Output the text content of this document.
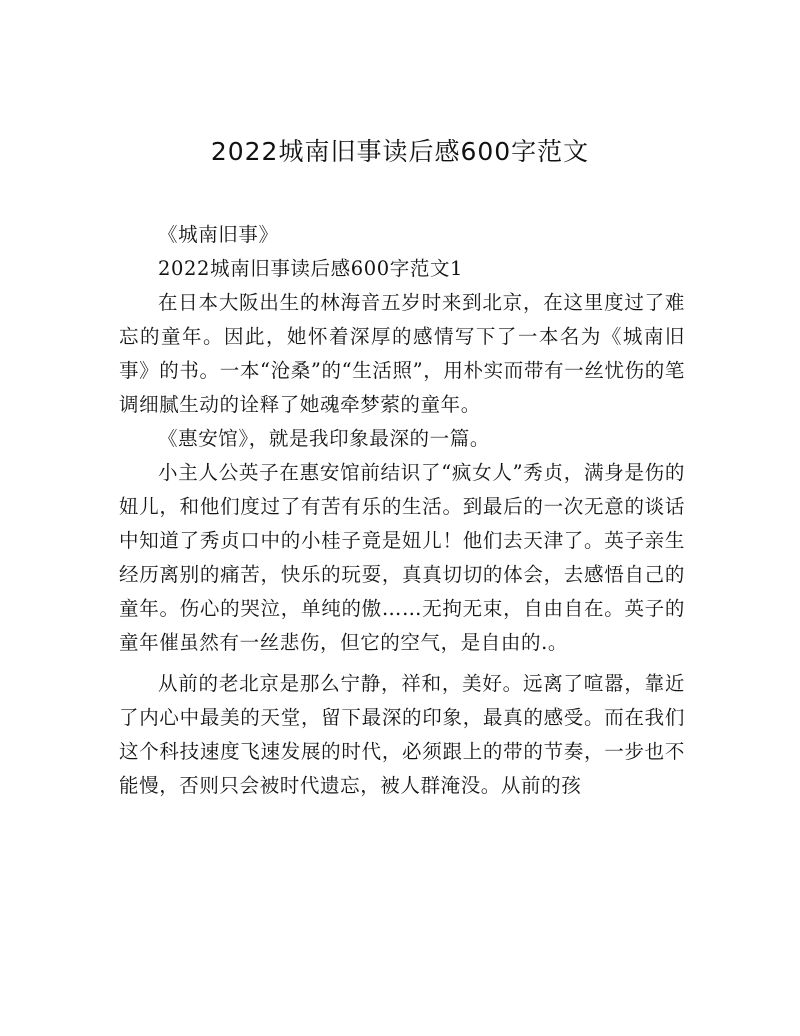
2022城南旧事读后感600字范文

《城南旧事》

2022城南旧事读后感600字范文1

在日本大阪出生的林海音五岁时来到北京，在这里度过了难忘的童年。因此，她怀着深厚的感情写下了一本名为《城南旧事》的书。一本“沧桑”的“生活照”，用朴实而带有一丝忧伤的笔调细腻生动的诠释了她魂牵梦萦的童年。

《惠安馆》，就是我印象最深的一篇。

小主人公英子在惠安馆前结识了“疯女人”秀贞，满身是伤的妞儿，和他们度过了有苦有乐的生活。到最后的一次无意的谈话中知道了秀贞口中的小桂子竟是妞儿！他们去天津了。英子亲生经历离别的痛苦，快乐的玩耍，真真切切的体会，去感悟自己的童年。伤心的哭泣，单纯的傲……无拘无束，自由自在。英子的童年催虽然有一丝悲伤，但它的空气，是自由的.。

从前的老北京是那么宁静，祥和，美好。远离了喧嚣，靠近了内心中最美的天堂，留下最深的印象，最真的感受。而在我们这个科技速度飞速发展的时代，必须跟上的带的节奏，一步也不能慢，否则只会被时代遗忘，被人群淹没。从前的孩
